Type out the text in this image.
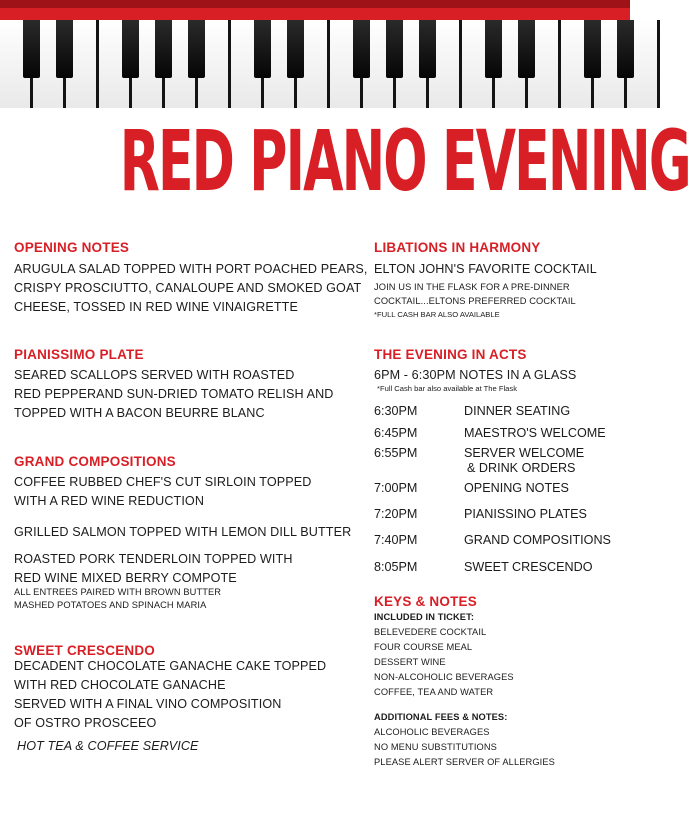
RED PIANO EVENING
OPENING NOTES
ARUGULA SALAD TOPPED WITH PORT POACHED PEARS,
CRISPY PROSCIUTTO, CANALOUPE AND SMOKED GOAT
CHEESE, TOSSED IN RED WINE VINAIGRETTE
PIANISSIMO PLATE
SEARED SCALLOPS SERVED WITH ROASTED
RED PEPPERAND SUN-DRIED TOMATO RELISH AND
TOPPED WITH A BACON BEURRE BLANC
GRAND COMPOSITIONS
COFFEE RUBBED CHEF'S CUT SIRLOIN TOPPED
WITH A RED WINE REDUCTION
GRILLED SALMON TOPPED WITH LEMON DILL BUTTER
ROASTED PORK TENDERLOIN TOPPED WITH
RED WINE MIXED BERRY COMPOTE
ALL ENTREES PAIRED WITH BROWN BUTTER
MASHED POTATOES AND SPINACH MARIA
SWEET CRESCENDO
DECADENT CHOCOLATE GANACHE CAKE TOPPED
WITH RED CHOCOLATE GANACHE
SERVED WITH A FINAL VINO COMPOSITION
OF OSTRO PROSCEEO
HOT TEA & COFFEE SERVICE
LIBATIONS IN HARMONY
ELTON JOHN'S FAVORITE COCKTAIL
JOIN US IN THE FLASK FOR A PRE-DINNER
COCKTAIL...ELTONS PREFERRED COCKTAIL
*FULL CASH BAR ALSO AVAILABLE
THE EVENING IN ACTS
6PM - 6:30PM NOTES IN A GLASS
*Full Cash bar also available at The Flask
6:30PM	DINNER SEATING
6:45PM	MAESTRO'S WELCOME
6:55PM	SERVER WELCOME
& DRINK ORDERS
7:00PM	OPENING NOTES
7:20PM	PIANISSINO PLATES
7:40PM	GRAND COMPOSITIONS
8:05PM	SWEET CRESCENDO
KEYS & NOTES
INCLUDED IN TICKET:
BELEVEDERE COCKTAIL
FOUR COURSE MEAL
DESSERT WINE
NON-ALCOHOLIC BEVERAGES
COFFEE, TEA AND WATER
ADDITIONAL FEES & NOTES:
ALCOHOLIC BEVERAGES
NO MENU SUBSTITUTIONS
PLEASE ALERT SERVER OF ALLERGIES
